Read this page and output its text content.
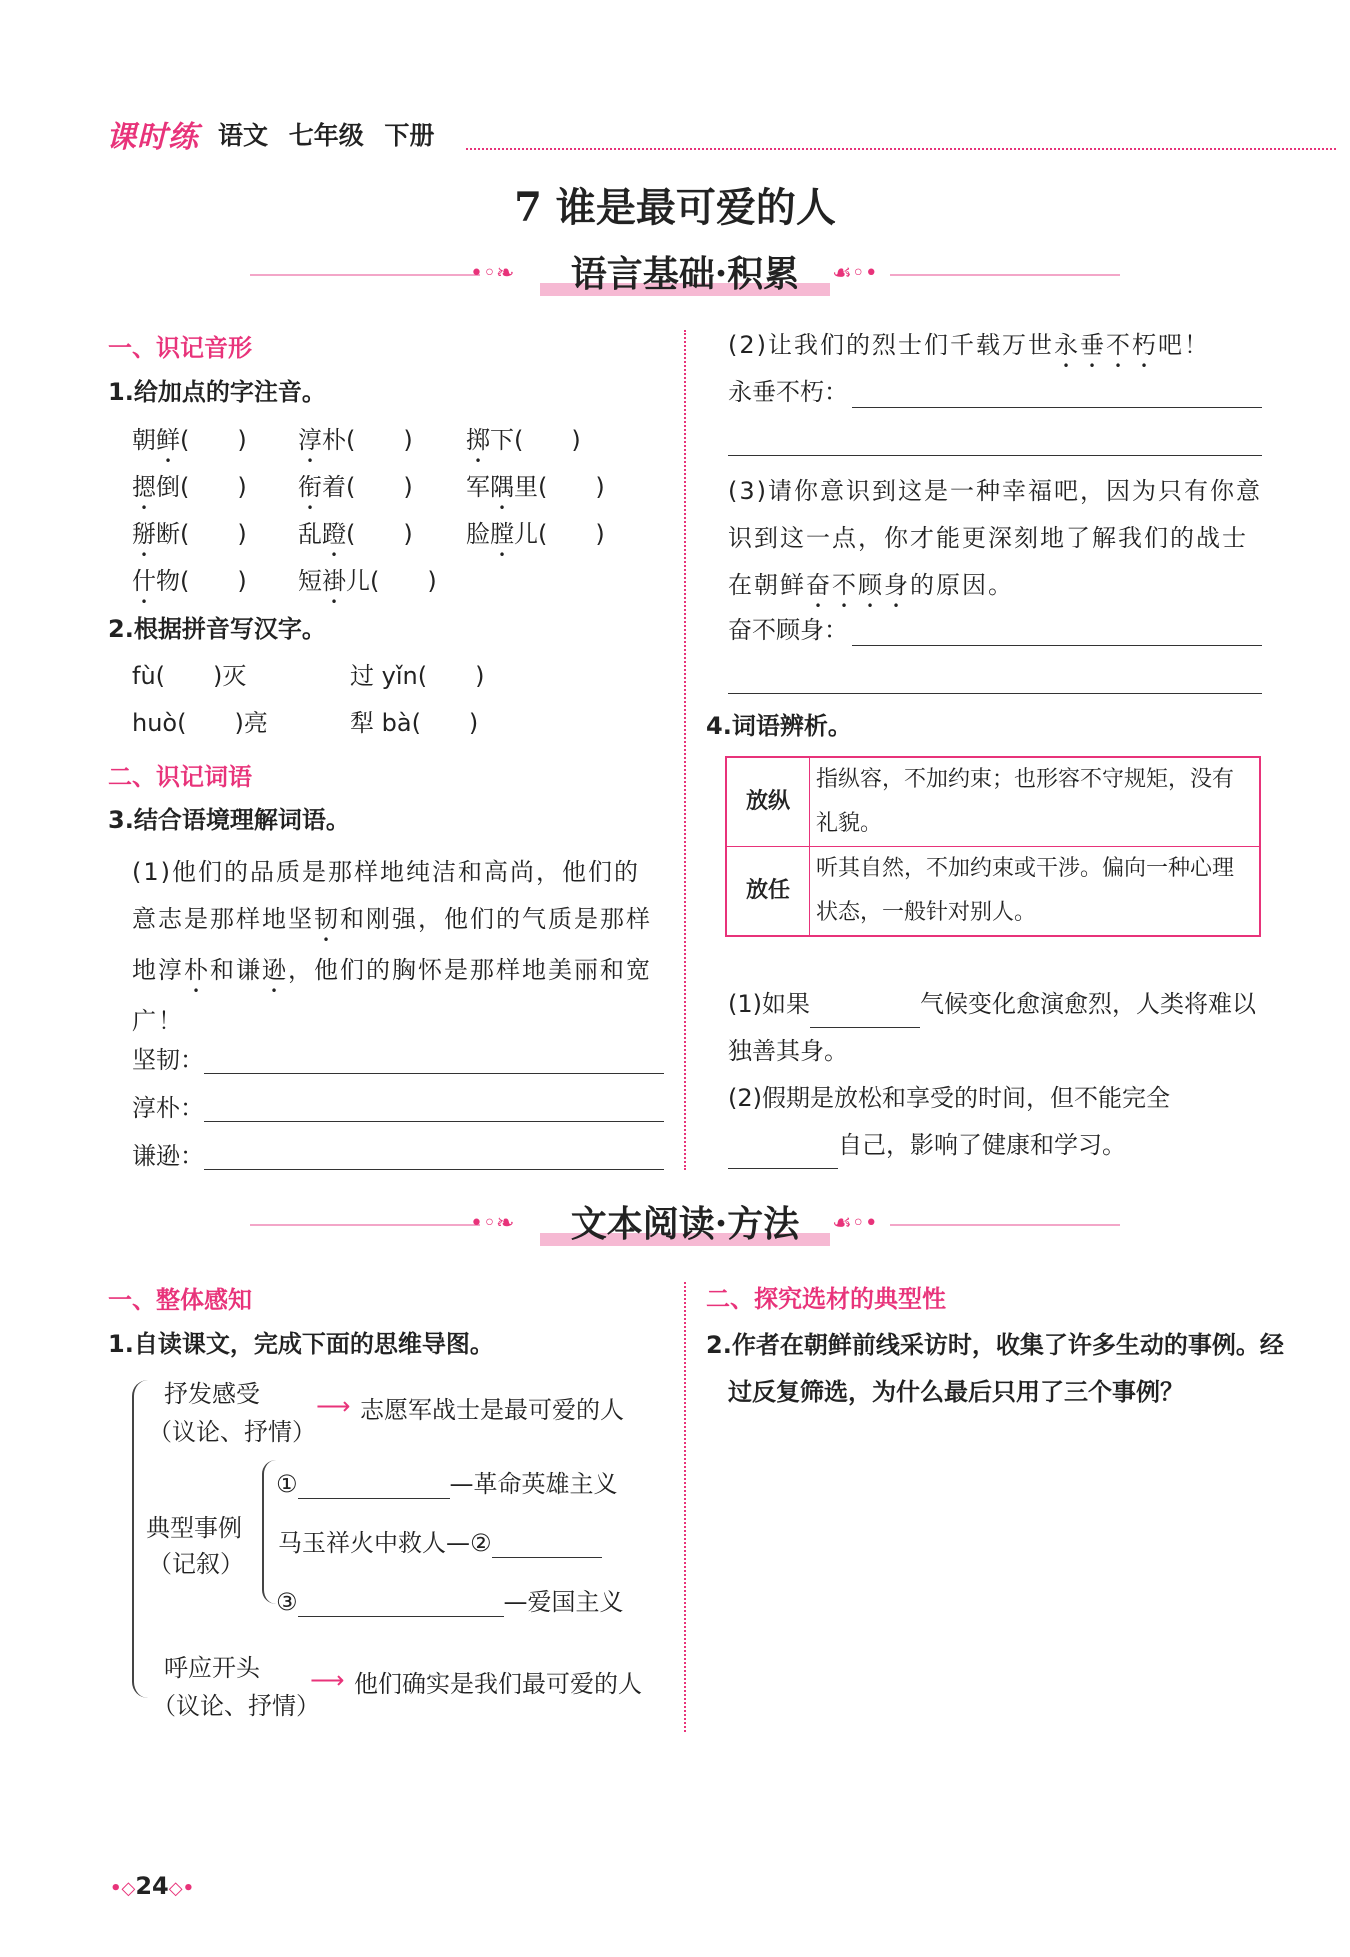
课时练 语文 七年级 下册
7 谁是最可爱的人
•◦❧	语言基础·积累	☙◦•
一、识记音形
1.给加点的字注音。
朝鲜(　　) 淳朴(　　) 掷下(　　)
摁倒(　　) 衔着(　　) 军隅里(　　)
掰断(　　) 乱蹬(　　) 脸膛儿(　　)
什物(　　) 短褂儿(　　)
2.根据拼音写汉字。
fù(　　)灭	过 yǐn(　　)
huò(　　)亮	犁 bà(　　)
二、识记词语
3.结合语境理解词语。
(1)他们的品质是那样地纯洁和高尚，他们的意志是那样地坚韧和刚强，他们的气质是那样地淳朴和谦逊，他们的胸怀是那样地美丽和宽广！
坚韧：
淳朴：
谦逊：
(2)让我们的烈士们千载万世永垂不朽吧！
永垂不朽：
(3)请你意识到这是一种幸福吧，因为只有你意识到这一点，你才能更深刻地了解我们的战士在朝鲜奋不顾身的原因。
奋不顾身：
4.词语辨析。
放纵	指纵容，不加约束；也形容不守规矩，没有礼貌。
放任	听其自然，不加约束或干涉。偏向一种心理状态，一般针对别人。
(1)如果	气候变化愈演愈烈，人类将难以独善其身。
(2)假期是放松和享受的时间，但不能完全自己，影响了健康和学习。
•◦❧	文本阅读·方法	☙◦•
一、整体感知
1.自读课文，完成下面的思维导图。
抒发感受
（议论、抒情）
⟶ 志愿军战士是最可爱的人
典型事例
（记叙）
①	—革命英雄主义
马玉祥火中救人—②
③	—爱国主义
呼应开头
（议论、抒情）
⟶ 他们确实是我们最可爱的人
二、探究选材的典型性
2.作者在朝鲜前线采访时，收集了许多生动的事例。经过反复筛选，为什么最后只用了三个事例？
•◇24◇•
